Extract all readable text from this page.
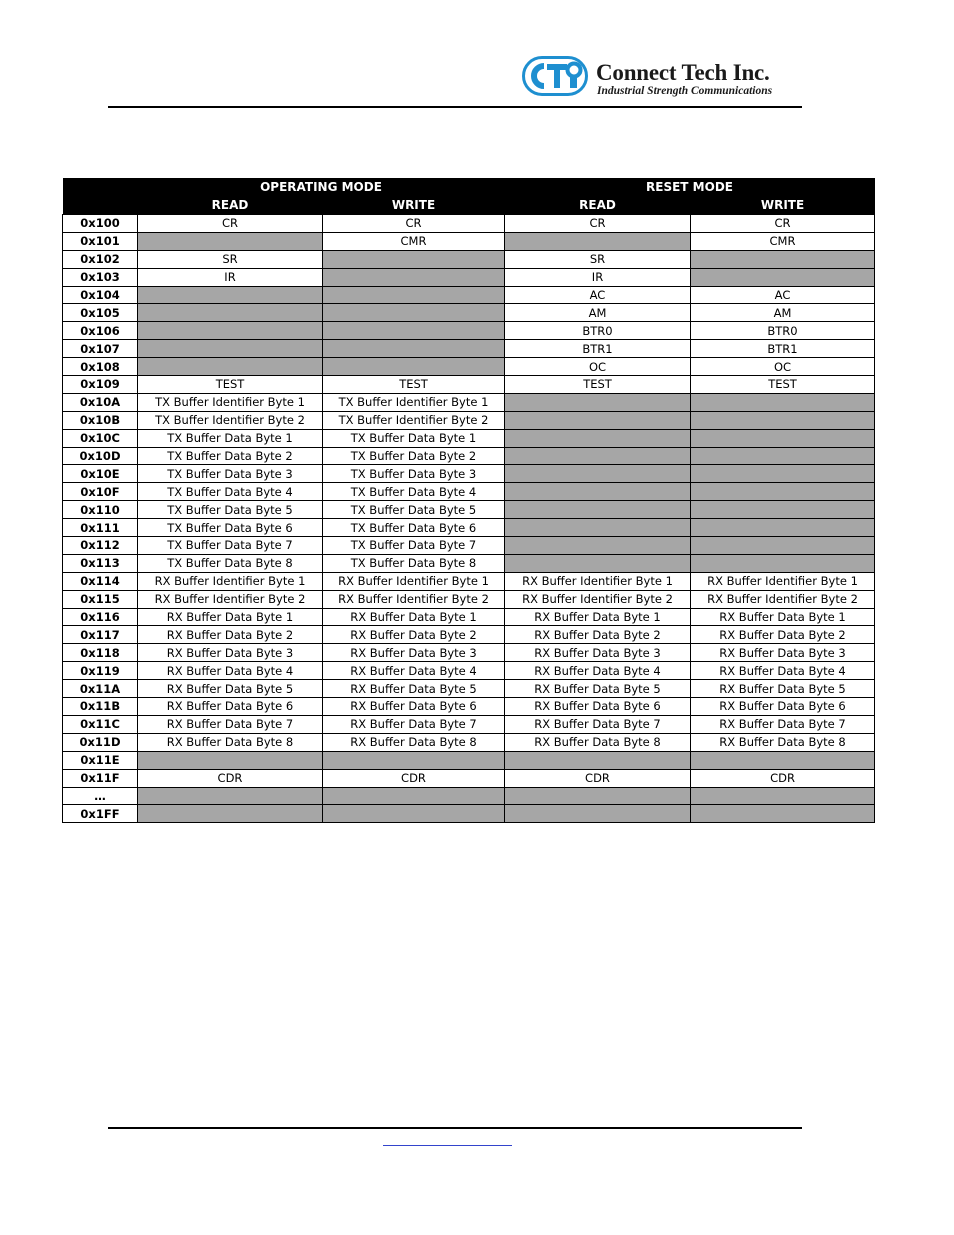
Connect Tech Inc.
Industrial Strength Communications
	OPERATING MODE		RESET MODE	
	READ	WRITE	READ	WRITE
0x100	CR	CR	CR	CR
0x101		CMR		CMR
0x102	SR		SR	
0x103	IR		IR	
0x104			AC	AC
0x105			AM	AM
0x106			BTR0	BTR0
0x107			BTR1	BTR1
0x108			OC	OC
0x109	TEST	TEST	TEST	TEST
0x10A	TX Buffer Identifier Byte 1	TX Buffer Identifier Byte 1		
0x10B	TX Buffer Identifier Byte 2	TX Buffer Identifier Byte 2		
0x10C	TX Buffer Data Byte 1	TX Buffer Data Byte 1		
0x10D	TX Buffer Data Byte 2	TX Buffer Data Byte 2		
0x10E	TX Buffer Data Byte 3	TX Buffer Data Byte 3		
0x10F	TX Buffer Data Byte 4	TX Buffer Data Byte 4		
0x110	TX Buffer Data Byte 5	TX Buffer Data Byte 5		
0x111	TX Buffer Data Byte 6	TX Buffer Data Byte 6		
0x112	TX Buffer Data Byte 7	TX Buffer Data Byte 7		
0x113	TX Buffer Data Byte 8	TX Buffer Data Byte 8		
0x114	RX Buffer Identifier Byte 1	RX Buffer Identifier Byte 1	RX Buffer Identifier Byte 1	RX Buffer Identifier Byte 1
0x115	RX Buffer Identifier Byte 2	RX Buffer Identifier Byte 2	RX Buffer Identifier Byte 2	RX Buffer Identifier Byte 2
0x116	RX Buffer Data Byte 1	RX Buffer Data Byte 1	RX Buffer Data Byte 1	RX Buffer Data Byte 1
0x117	RX Buffer Data Byte 2	RX Buffer Data Byte 2	RX Buffer Data Byte 2	RX Buffer Data Byte 2
0x118	RX Buffer Data Byte 3	RX Buffer Data Byte 3	RX Buffer Data Byte 3	RX Buffer Data Byte 3
0x119	RX Buffer Data Byte 4	RX Buffer Data Byte 4	RX Buffer Data Byte 4	RX Buffer Data Byte 4
0x11A	RX Buffer Data Byte 5	RX Buffer Data Byte 5	RX Buffer Data Byte 5	RX Buffer Data Byte 5
0x11B	RX Buffer Data Byte 6	RX Buffer Data Byte 6	RX Buffer Data Byte 6	RX Buffer Data Byte 6
0x11C	RX Buffer Data Byte 7	RX Buffer Data Byte 7	RX Buffer Data Byte 7	RX Buffer Data Byte 7
0x11D	RX Buffer Data Byte 8	RX Buffer Data Byte 8	RX Buffer Data Byte 8	RX Buffer Data Byte 8
0x11E				
0x11F	CDR	CDR	CDR	CDR
…				
0x1FF				
